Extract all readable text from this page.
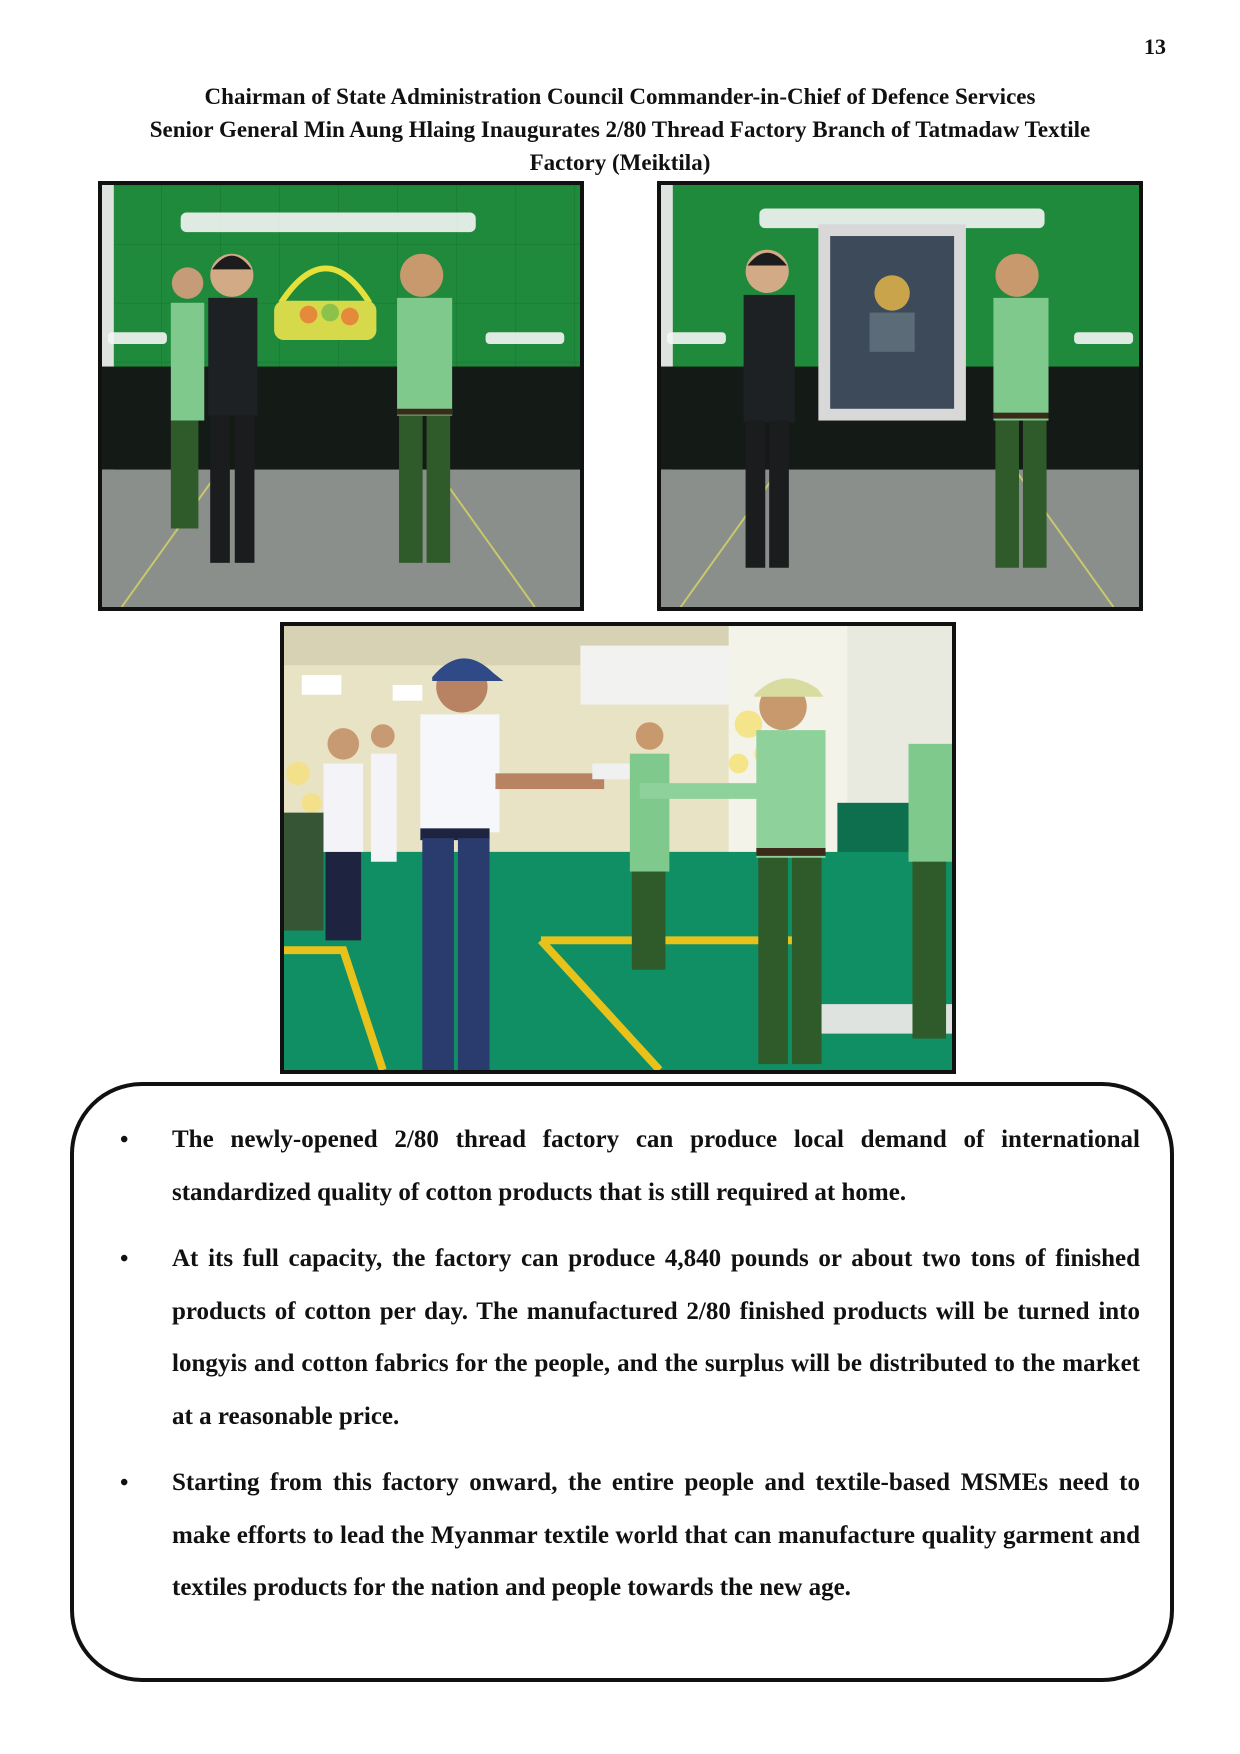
13
Chairman of State Administration Council Commander-in-Chief of Defence Services
Senior General Min Aung Hlaing Inaugurates 2/80 Thread Factory Branch of Tatmadaw Textile
Factory (Meiktila)
• The newly-opened 2/80 thread factory can produce local demand of international standardized quality of cotton products that is still required at home.
• At its full capacity, the factory can produce 4,840 pounds or about two tons of finished products of cotton per day. The manufactured 2/80 finished products will be turned into longyis and cotton fabrics for the people, and the surplus will be distributed to the market at a reasonable price.
• Starting from this factory onward, the entire people and textile-based MSMEs need to make efforts to lead the Myanmar textile world that can manufacture quality garment and textiles products for the nation and people towards the new age.
